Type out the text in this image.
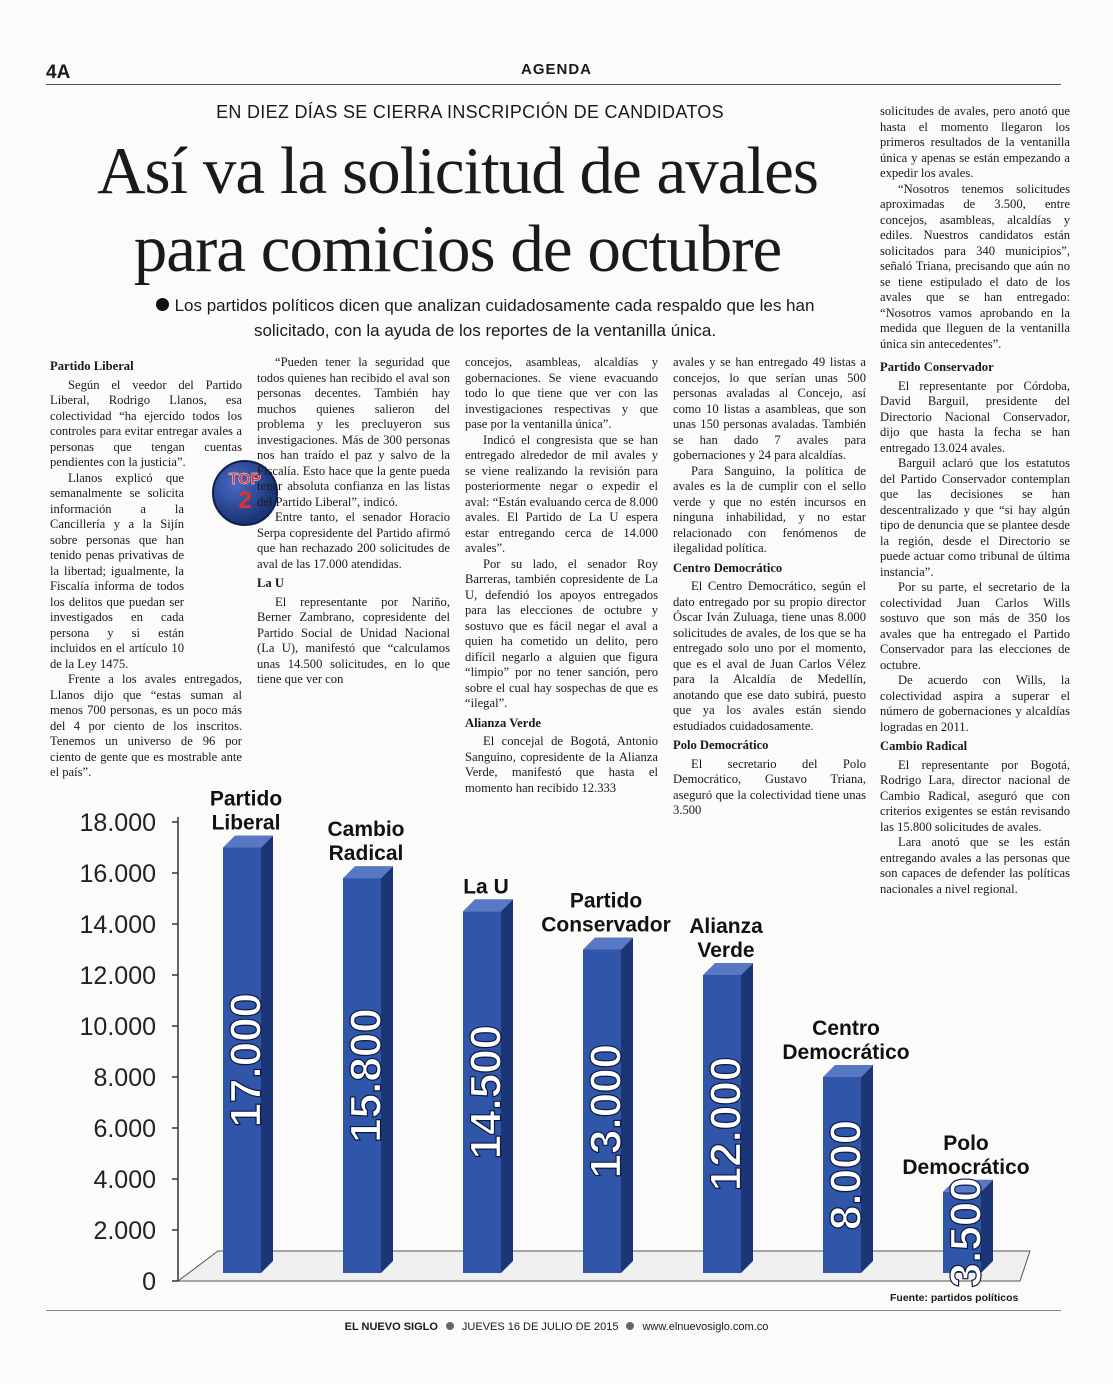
4A	AGENDA
EN DIEZ DÍAS SE CIERRA INSCRIPCIÓN DE CANDIDATOS
Así va la solicitud de avales
para comicios de octubre
Los partidos políticos dicen que analizan cuidadosamente cada respaldo que les han solicitado, con la ayuda de los reportes de la ventanilla única.

Partido Liberal

Según el veedor del Partido Liberal, Rodrigo Llanos, esa colectividad “ha ejercido todos los controles para evitar entregar avales a personas que tengan cuentas pendientes con la justicia”.

Llanos explicó que semanalmente se solicita información a la Cancillería y a la Sijín sobre personas que han tenido penas privativas de la libertad; igualmente, la Fiscalía informa de todos los delitos que puedan ser investigados en cada persona y si están incluidos en el artículo 10 de la Ley 1475.

Frente a los avales entregados, Llanos dijo que “estas suman al menos 700 personas, es un poco más del 4 por ciento de los inscritos. Tenemos un universo de 96 por ciento de gente que es mostrable ante el país”.

TOP
2

“Pueden tener la seguridad que todos quienes han recibido el aval son personas decentes. También hay muchos quienes salieron del problema y les precluyeron sus investigaciones. Más de 300 personas nos han traído el paz y salvo de la Fiscalía. Esto hace que la gente pueda tener absoluta confianza en las listas del Partido Liberal”, indicó.

Entre tanto, el senador Horacio Serpa copresidente del Partido afirmó que han rechazado 200 solicitudes de aval de las 17.000 atendidas.

La U

El representante por Nariño, Berner Zambrano, copresidente del Partido Social de Unidad Nacional (La U), manifestó que “calculamos unas 14.500 solicitudes, en lo que tiene que ver con

concejos, asambleas, alcaldías y gobernaciones. Se viene evacuando todo lo que tiene que ver con las investigaciones respectivas y que pase por la ventanilla única”.

Indicó el congresista que se han entregado alrededor de mil avales y se viene realizando la revisión para posteriormente negar o expedir el aval: “Están evaluando cerca de 8.000 avales. El Partido de La U espera estar entregando cerca de 14.000 avales”.

Por su lado, el senador Roy Barreras, también copresidente de La U, defendió los apoyos entregados para las elecciones de octubre y sostuvo que es fácil negar el aval a quien ha cometido un delito, pero difícil negarlo a alguien que figura “limpio” por no tener sanción, pero sobre el cual hay sospechas de que es “ilegal”.

Alianza Verde

El concejal de Bogotá, Antonio Sanguino, copresidente de la Alianza Verde, manifestó que hasta el momento han recibido 12.333

avales y se han entregado 49 listas a concejos, lo que serían unas 500 personas avaladas al Concejo, así como 10 listas a asambleas, que son unas 150 personas avaladas. También se han dado 7 avales para gobernaciones y 24 para alcaldías.

Para Sanguino, la política de avales es la de cumplir con el sello verde y que no estén incursos en ninguna inhabilidad, y no estar relacionado con fenómenos de ilegalidad política.

Centro Democrático

El Centro Democrático, según el dato entregado por su propio director Óscar Iván Zuluaga, tiene unas 8.000 solicitudes de avales, de los que se ha entregado solo uno por el momento, que es el aval de Juan Carlos Vélez para la Alcaldía de Medellín, anotando que ese dato subirá, puesto que ya los avales están siendo estudiados cuidadosamente.

Polo Democrático

El secretario del Polo Democrático, Gustavo Triana, aseguró que la colectividad tiene unas 3.500

solicitudes de avales, pero anotó que hasta el momento llegaron los primeros resultados de la ventanilla única y apenas se están empezando a expedir los avales.

“Nosotros tenemos solicitudes aproximadas de 3.500, entre concejos, asambleas, alcaldías y ediles. Nuestros candidatos están solicitados para 340 municipios”, señaló Triana, precisando que aún no se tiene estipulado el dato de los avales que se han entregado: “Nosotros vamos aprobando en la medida que lleguen de la ventanilla única sin antecedentes”.

Partido Conservador

El representante por Córdoba, David Barguil, presidente del Directorio Nacional Conservador, dijo que hasta la fecha se han entregado 13.024 avales.

Barguil aclaró que los estatutos del Partido Conservador contemplan que las decisiones se han descentralizado y que “si hay algún tipo de denuncia que se plantee desde la región, desde el Directorio se puede actuar como tribunal de última instancia”.

Por su parte, el secretario de la colectividad Juan Carlos Wills sostuvo que son más de 350 los avales que ha entregado el Partido Conservador para las elecciones de octubre.

De acuerdo con Wills, la colectividad aspira a superar el número de gobernaciones y alcaldías logradas en 2011.

Cambio Radical

El representante por Bogotá, Rodrigo Lara, director nacional de Cambio Radical, aseguró que con criterios exigentes se están revisando las 15.800 solicitudes de avales.

Lara anotó que se les están entregando avales a las personas que son capaces de defender las políticas nacionales a nivel regional.

0
2.000
4.000
6.000
8.000
10.000
12.000
14.000
16.000
18.000
17.000
Partido
Liberal
15.800
Cambio
Radical
14.500
La U
13.000
Partido
Conservador
12.000
Alianza
Verde
8.000
Centro
Democrático
3.500
Polo
Democrático
Fuente: partidos políticos
EL NUEVO SIGLO JUEVES 16 DE JULIO DE 2015 www.elnuevosiglo.com.co
